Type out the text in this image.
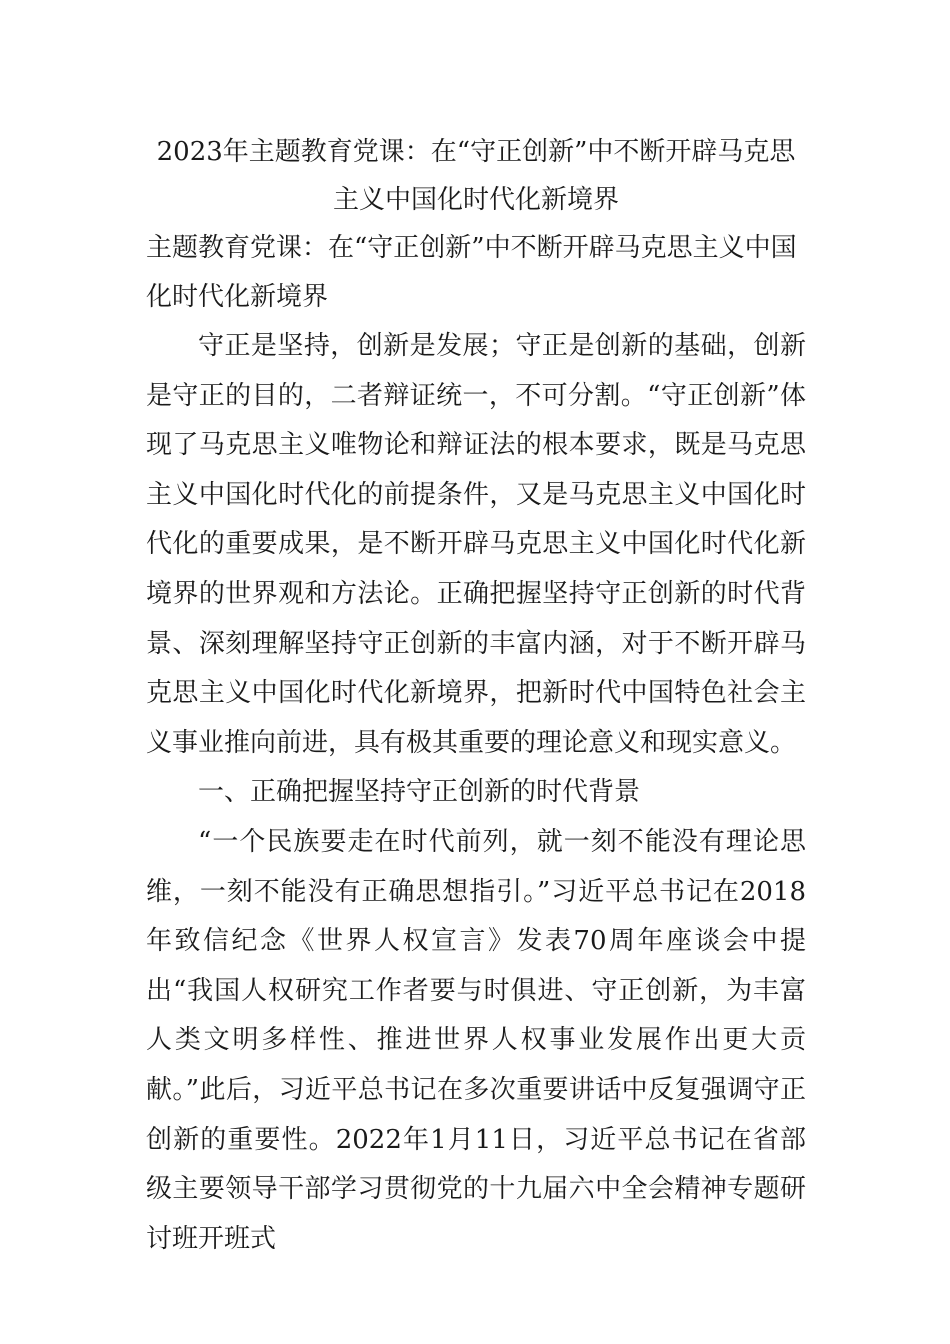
2023年主题教育党课：在“守正创新”中不断开辟马克思
主义中国化时代化新境界

主题教育党课：在“守正创新”中不断开辟马克思主义中国化时代化新境界

守正是坚持，创新是发展；守正是创新的基础，创新是守正的目的，二者辩证统一，不可分割。“守正创新”体现了马克思主义唯物论和辩证法的根本要求，既是马克思主义中国化时代化的前提条件，又是马克思主义中国化时代化的重要成果，是不断开辟马克思主义中国化时代化新境界的世界观和方法论。正确把握坚持守正创新的时代背景、深刻理解坚持守正创新的丰富内涵，对于不断开辟马克思主义中国化时代化新境界，把新时代中国特色社会主义事业推向前进，具有极其重要的理论意义和现实意义。

一、正确把握坚持守正创新的时代背景

“一个民族要走在时代前列，就一刻不能没有理论思维，一刻不能没有正确思想指引。”习近平总书记在2018年致信纪念《世界人权宣言》发表70周年座谈会中提出“我国人权研究工作者要与时俱进、守正创新，为丰富人类文明多样性、推进世界人权事业发展作出更大贡献。”此后，习近平总书记在多次重要讲话中反复强调守正创新的重要性。2022年1月11日，习近平总书记在省部级主要领导干部学习贯彻党的十九届六中全会精神专题研讨班开班式
